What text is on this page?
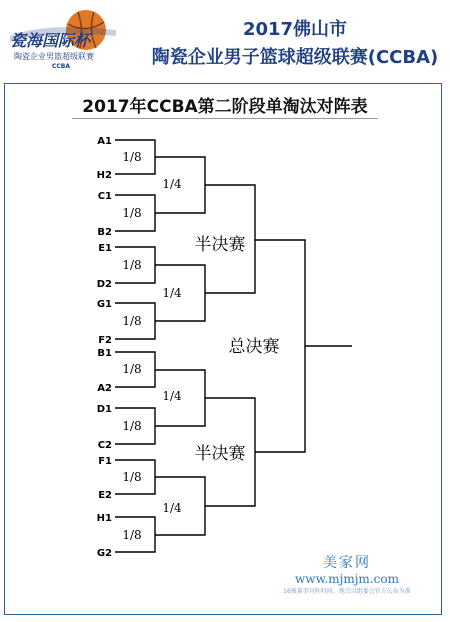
瓷海国际杯
陶瓷企业男篮超级联赛
CCBA
2017佛山市
陶瓷企业男子篮球超级联赛(CCBA)
2017年CCBA第二阶段单淘汰对阵表
A1
H2
C1
B2
E1
D2
G1
F2
B1
A2
D1
C2
F1
E2
H1
G2
1/8
1/8
1/8
1/8
1/8
1/8
1/8
1/8
1/4
1/4
1/4
1/4
半决赛
半决赛
总决赛
美家网
www.mjmjm.com
16强赛事对阵时间、地点以组委会官方公布为准
